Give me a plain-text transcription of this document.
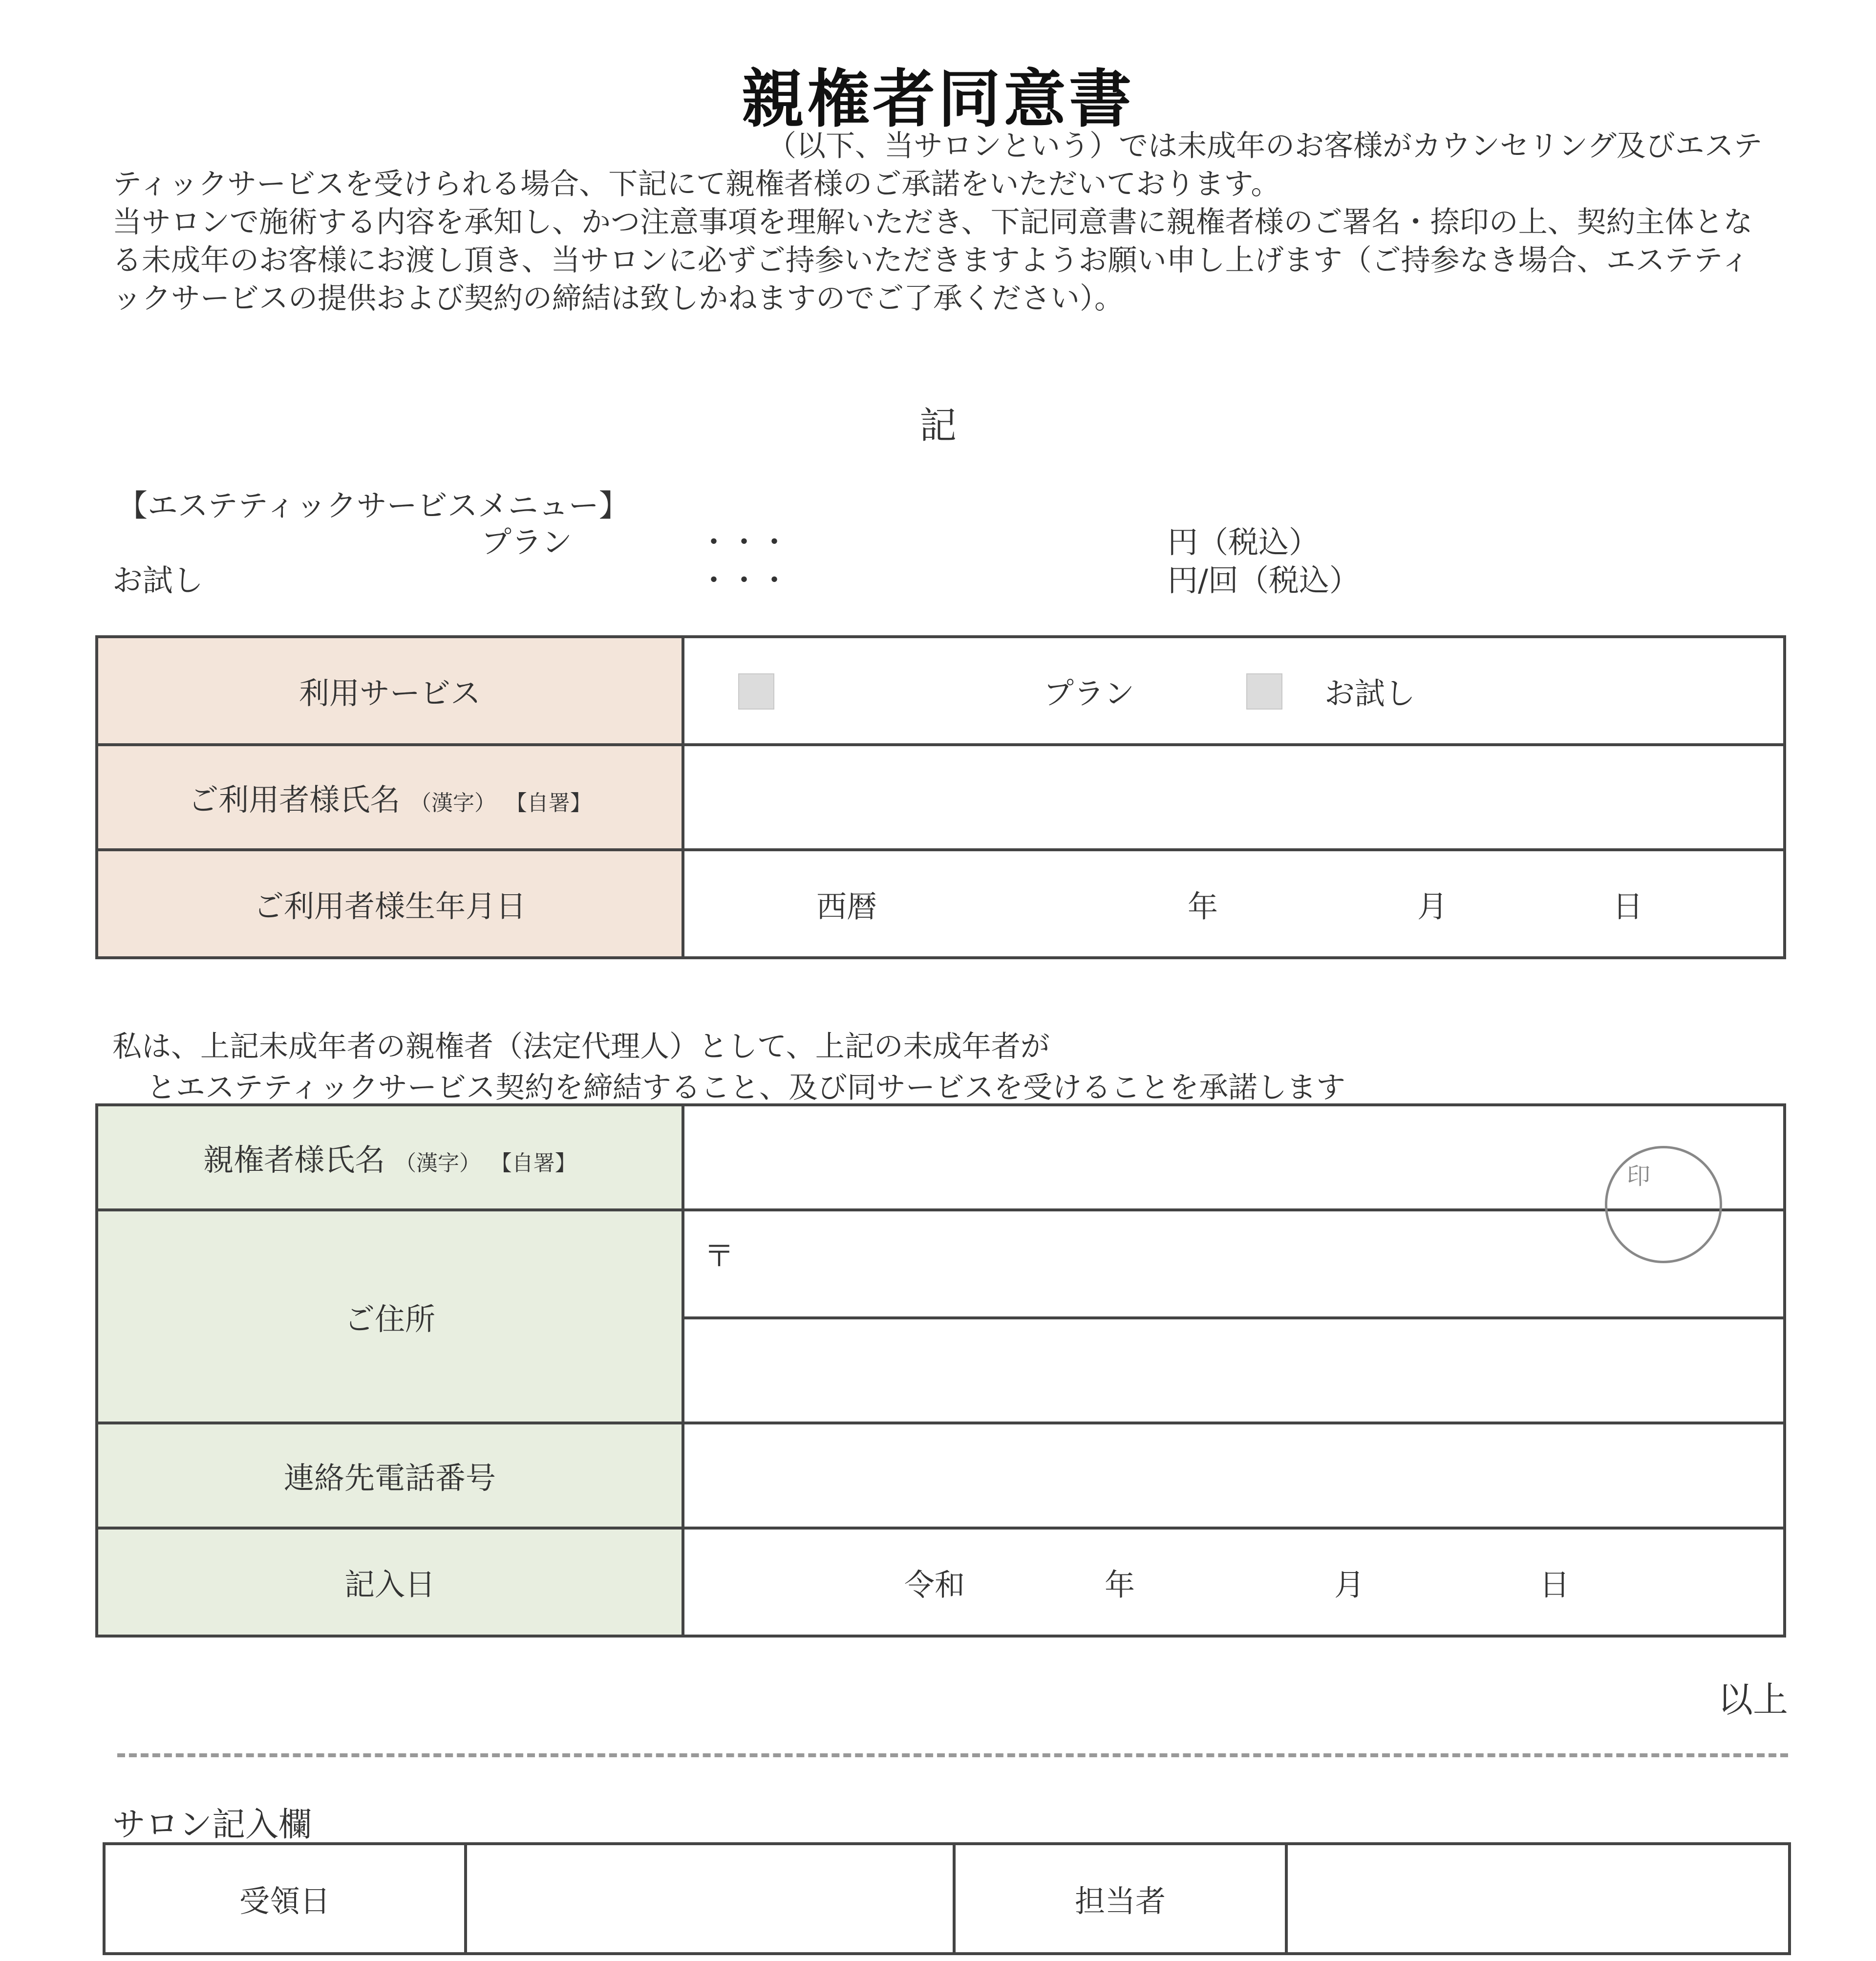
親権者同意書

（以下、当サロンという）では未成年のお客様がカウンセリング及びエステティックサービスを受けられる場合、下記にて親権者様のご承諾をいただいております。

当サロンで施術する内容を承知し、かつ注意事項を理解いただき、下記同意書に親権者様のご署名・捺印の上、契約主体となる未成年のお客様にお渡し頂き、当サロンに必ずご持参いただきますようお願い申し上げます（ご持参なき場合、エステティックサービスの提供および契約の締結は致しかねますのでご了承ください）。

記
【エステティックサービスメニュー】
プラン	・・・	円（税込）
お試し	・・・	円/回（税込）
利用サービス	プラン お試し

ご利用者様氏名 （漢字） 【自署】	
ご利用者様生年月日	西暦 年 月 日
私は、上記未成年者の親権者（法定代理人）として、上記の未成年者が
とエステティックサービス契約を締結すること、及び同サービスを受けることを承諾します
親権者様氏名 （漢字） 【自署】	
ご住所	〒

連絡先電話番号	
記入日	令和 年 月 日
印
以上
サロン記入欄
受領日		担当者	
